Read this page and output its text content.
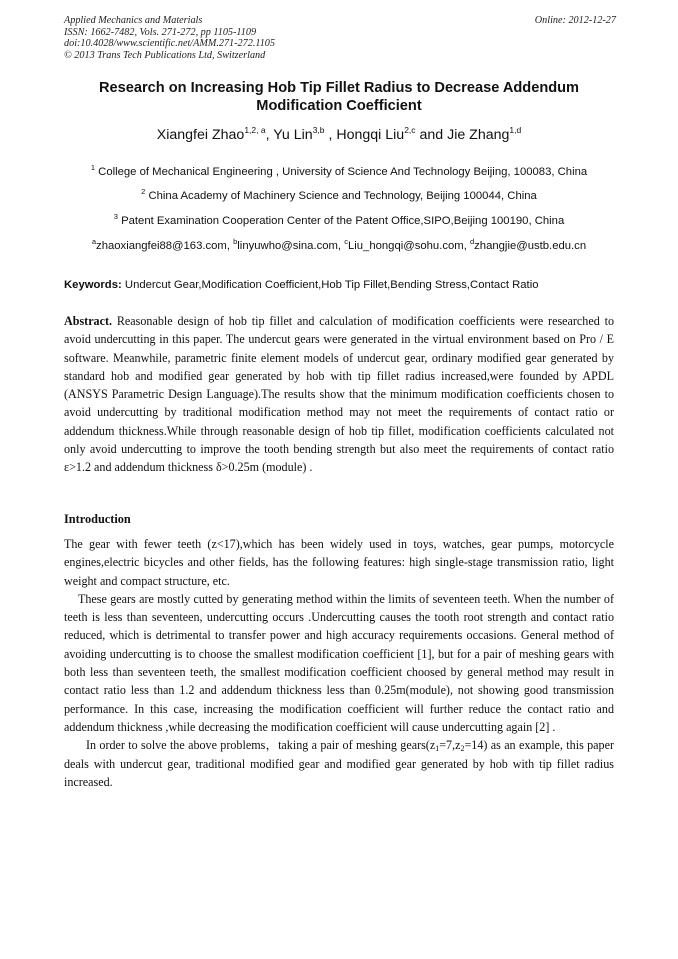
Applied Mechanics and Materials
ISSN: 1662-7482, Vols. 271-272, pp 1105-1109
doi:10.4028/www.scientific.net/AMM.271-272.1105
© 2013 Trans Tech Publications Ltd, Switzerland
Online: 2012-12-27
Research on Increasing Hob Tip Fillet Radius to Decrease Addendum Modification Coefficient
Xiangfei Zhao$^{1,2, a}$, Yu Lin$^{3,b}$ , Hongqi Liu$^{2,c}$ and Jie Zhang$^{1,d}$
$^1$ College of Mechanical Engineering , University of Science And Technology Beijing, 100083, China
$^2$ China Academy of Machinery Science and Technology, Beijing 100044, China
$^3$ Patent Examination Cooperation Center of the Patent Office,SIPO,Beijing 100190, China
$^a$zhaoxiangfei88@163.com, $^b$linyuwho@sina.com, $^c$Liu_hongqi@sohu.com, $^d$zhangjie@ustb.edu.cn
Keywords: Undercut Gear,Modification Coefficient,Hob Tip Fillet,Bending Stress,Contact Ratio
Abstract. Reasonable design of hob tip fillet and calculation of modification coefficients were researched to avoid undercutting in this paper. The undercut gears were generated in the virtual environment based on Pro / E software. Meanwhile, parametric finite element models of undercut gear, ordinary modified gear generated by standard hob and modified gear generated by hob with tip fillet radius increased,were founded by APDL (ANSYS Parametric Design Language).The results show that the minimum modification coefficients chosen to avoid undercutting by traditional modification method may not meet the requirements of contact ratio or addendum thickness.While through reasonable design of hob tip fillet, modification coefficients calculated not only avoid undercutting to improve the tooth bending strength but also meet the requirements of contact ratio ε>1.2 and addendum thickness δ>0.25m (module) .
Introduction
The gear with fewer teeth (z<17),which has been widely used in toys, watches, gear pumps, motorcycle engines,electric bicycles and other fields, has the following features: high single-stage transmission ratio, light weight and compact structure, etc.
These gears are mostly cutted by generating method within the limits of seventeen teeth. When the number of teeth is less than seventeen, undercutting occurs .Undercutting causes the tooth root strength and contact ratio reduced, which is detrimental to transfer power and high accuracy requirements occasions. General method of avoiding undercutting is to choose the smallest modification coefficient [1], but for a pair of meshing gears with both less than seventeen teeth, the smallest modification coefficient choosed by general method may result in contact ratio less than 1.2 and addendum thickness less than 0.25m(module), not showing good transmission performance. In this case, increasing the modification coefficient will further reduce the contact ratio and addendum thickness ,while decreasing the modification coefficient will cause undercutting again [2] .
In order to solve the above problems，taking a pair of meshing $gears(z_1=7,z_2=14)$ as an example, this paper deals with undercut gear, traditional modified gear and modified gear generated by hob with tip fillet radius increased.
